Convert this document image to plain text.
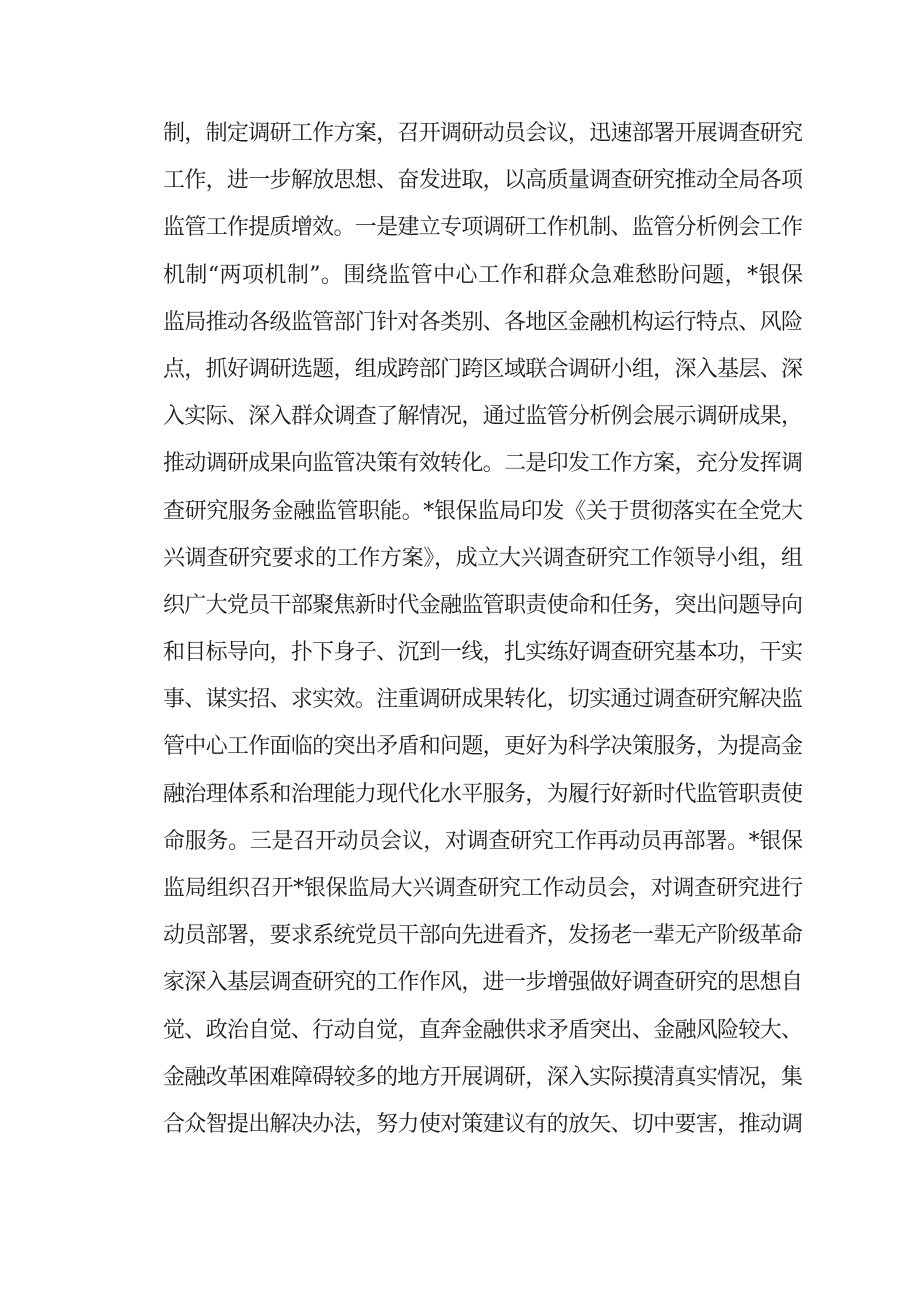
制，制定调研工作方案，召开调研动员会议，迅速部署开展调查研究
工作，进一步解放思想、奋发进取，以高质量调查研究推动全局各项
监管工作提质增效。一是建立专项调研工作机制、监管分析例会工作
机制“两项机制”。围绕监管中心工作和群众急难愁盼问题，*银保
监局推动各级监管部门针对各类别、各地区金融机构运行特点、风险
点，抓好调研选题，组成跨部门跨区域联合调研小组，深入基层、深
入实际、深入群众调查了解情况，通过监管分析例会展示调研成果，
推动调研成果向监管决策有效转化。二是印发工作方案，充分发挥调
查研究服务金融监管职能。*银保监局印发《关于贯彻落实在全党大
兴调查研究要求的工作方案》，成立大兴调查研究工作领导小组，组
织广大党员干部聚焦新时代金融监管职责使命和任务，突出问题导向
和目标导向，扑下身子、沉到一线，扎实练好调查研究基本功，干实
事、谋实招、求实效。注重调研成果转化，切实通过调查研究解决监
管中心工作面临的突出矛盾和问题，更好为科学决策服务，为提高金
融治理体系和治理能力现代化水平服务，为履行好新时代监管职责使
命服务。三是召开动员会议，对调查研究工作再动员再部署。*银保
监局组织召开*银保监局大兴调查研究工作动员会，对调查研究进行
动员部署，要求系统党员干部向先进看齐，发扬老一辈无产阶级革命
家深入基层调查研究的工作作风，进一步增强做好调查研究的思想自
觉、政治自觉、行动自觉，直奔金融供求矛盾突出、金融风险较大、
金融改革困难障碍较多的地方开展调研，深入实际摸清真实情况，集
合众智提出解决办法，努力使对策建议有的放矢、切中要害，推动调
